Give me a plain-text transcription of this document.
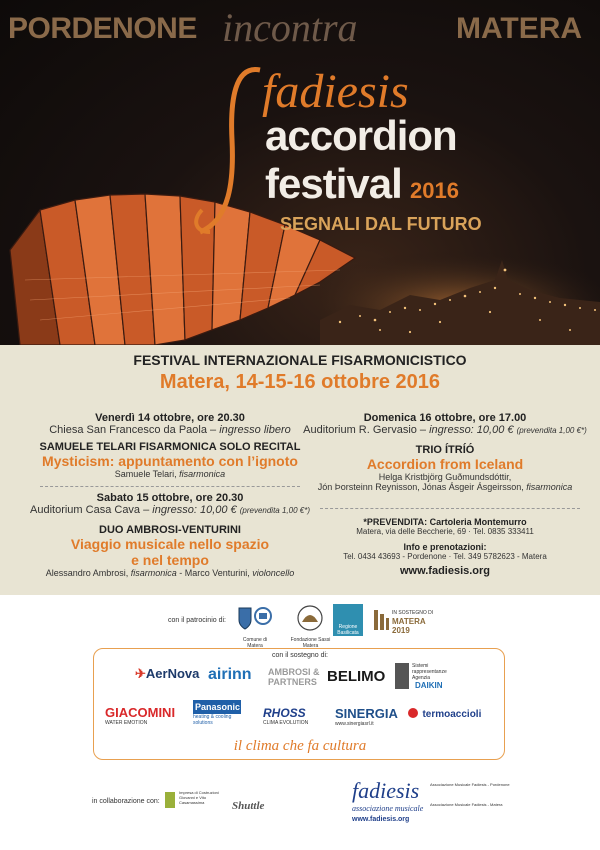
PORDENONE incontra	MATERA
fadiesis
accordion
festival 2016
SEGNALI DAL FUTURO
FESTIVAL INTERNAZIONALE FISARMONICISTICO
Matera, 14-15-16 ottobre 2016
Venerdì 14 ottobre, ore 20.30
Chiesa San Francesco da Paola – ingresso libero
SAMUELE TELARI FISARMONICA SOLO RECITAL
Mysticism: appuntamento con l’ignoto
Samuele Telari, fisarmonica
Sabato 15 ottobre, ore 20.30
Auditorium Casa Cava – ingresso: 10,00 € (prevendita 1,00 €*)
DUO AMBROSI-VENTURINI
Viaggio musicale nello spazio
e nel tempo
Alessandro Ambrosi, fisarmonica - Marco Venturini, violoncello
Domenica 16 ottobre, ore 17.00
Auditorium R. Gervasio – ingresso: 10,00 € (prevendita 1,00 €*)
TRIO ÍTRÍÓ
Accordion from Iceland
Helga Kristbjörg Guðmundsdóttir,
Jón Þorsteinn Reynisson, Jónas Ásgeir Ásgeirsson, fisarmonica
*PREVENDITA: Cartoleria Montemurro
Matera, via delle Beccherie, 69 · Tel. 0835 333411
Info e prenotazioni:
Tel. 0434 43693 - Pordenone · Tel. 349 5782623 - Matera
www.fadiesis.org
con il patrocinio di:
Comune di Matera
Fondazione Sassi Matera
Regione Basilicata
IN SOSTEGNO DI
MATERA 2019
con il sostegno di:
✈AerNova airinn AMBROSI & PARTNERS BELIMO
Sistemi rappresentanze Agenzia
DAIKIN
GIACOMINI
WATER EMOTION
Panasonic
heating & cooling solutions
RHOSS
CLIMA EVOLUTION
SINERGIA
www.sinergiasrl.it
termoaccioli
il clima che fa cultura
in collaborazione con:
Impresa di Costruzioni Giovanni e Vito Casamassima	Shuttle
fadiesis
associazione musicale
www.fadiesis.org
Associazione Musicale Fadiesis - Pordenone
Associazione Musicale Fadiesis - Matera
